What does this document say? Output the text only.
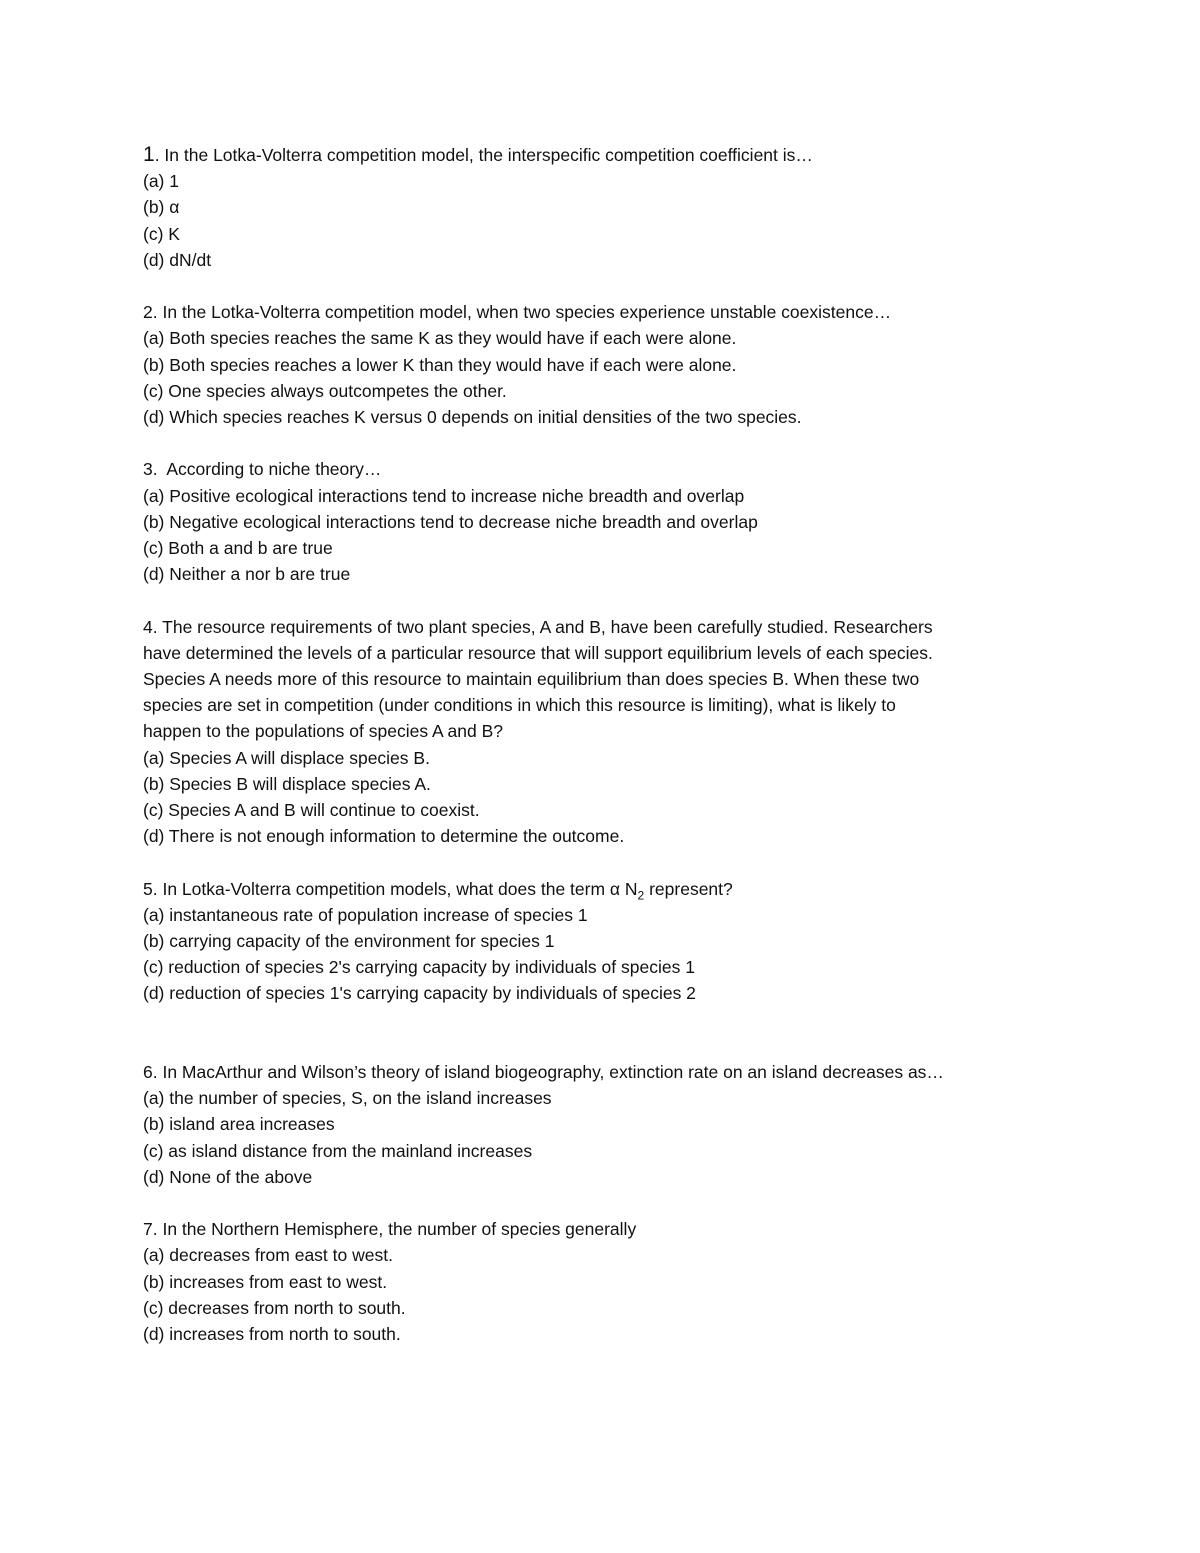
1. In the Lotka-Volterra competition model, the interspecific competition coefficient is…
(a) 1
(b) α
(c) K
(d) dN/dt
2. In the Lotka-Volterra competition model, when two species experience unstable coexistence…
(a) Both species reaches the same K as they would have if each were alone.
(b) Both species reaches a lower K than they would have if each were alone.
(c) One species always outcompetes the other.
(d) Which species reaches K versus 0 depends on initial densities of the two species.
3.  According to niche theory…
(a) Positive ecological interactions tend to increase niche breadth and overlap
(b) Negative ecological interactions tend to decrease niche breadth and overlap
(c) Both a and b are true
(d) Neither a nor b are true
4. The resource requirements of two plant species, A and B, have been carefully studied. Researchers
have determined the levels of a particular resource that will support equilibrium levels of each species.
Species A needs more of this resource to maintain equilibrium than does species B. When these two
species are set in competition (under conditions in which this resource is limiting), what is likely to
happen to the populations of species A and B?
(a) Species A will displace species B.
(b) Species B will displace species A.
(c) Species A and B will continue to coexist.
(d) There is not enough information to determine the outcome.
5. In Lotka-Volterra competition models, what does the term α $N_2$ represent?
(a) instantaneous rate of population increase of species 1
(b) carrying capacity of the environment for species 1
(c) reduction of species 2's carrying capacity by individuals of species 1
(d) reduction of species 1's carrying capacity by individuals of species 2
6. In MacArthur and Wilson’s theory of island biogeography, extinction rate on an island decreases as…
(a) the number of species, S, on the island increases
(b) island area increases
(c) as island distance from the mainland increases
(d) None of the above
7. In the Northern Hemisphere, the number of species generally
(a) decreases from east to west.
(b) increases from east to west.
(c) decreases from north to south.
(d) increases from north to south.
